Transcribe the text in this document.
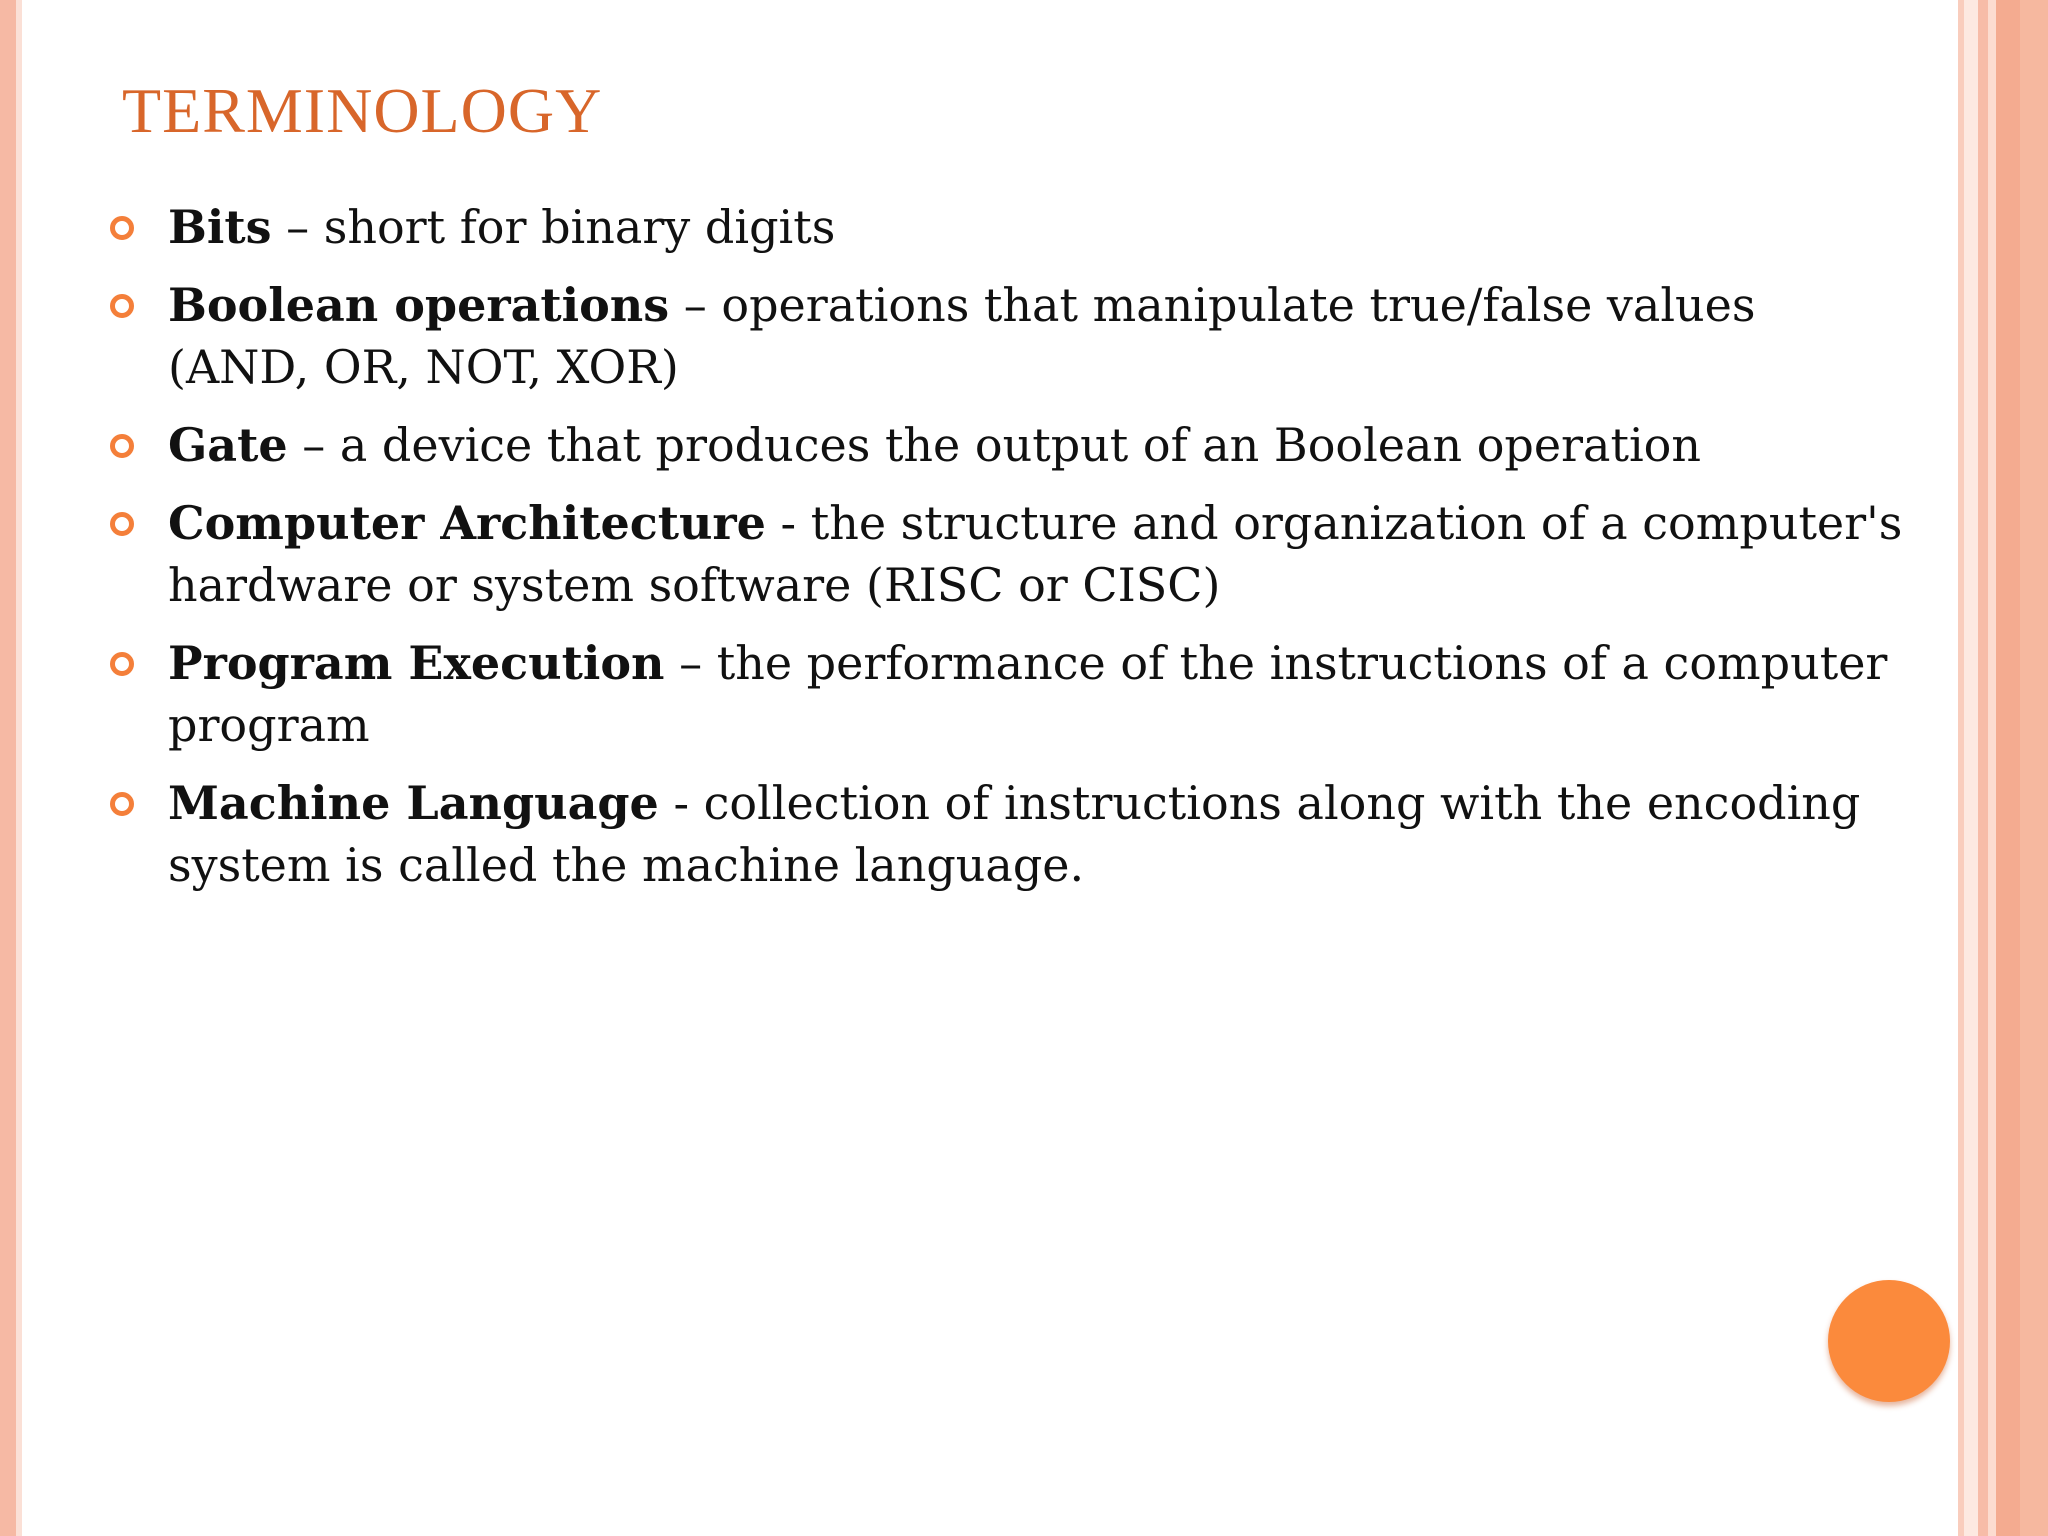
TERMINOLOGY
Bits – short for binary digits
Boolean operations – operations that manipulate true/false values (AND, OR, NOT, XOR)
Gate – a device that produces the output of an Boolean operation
Computer Architecture - the structure and organization of a computer's hardware or system software (RISC or CISC)
Program Execution – the performance of the instructions of a computer program
Machine Language - collection of instructions along with the encoding system is called the machine language.
